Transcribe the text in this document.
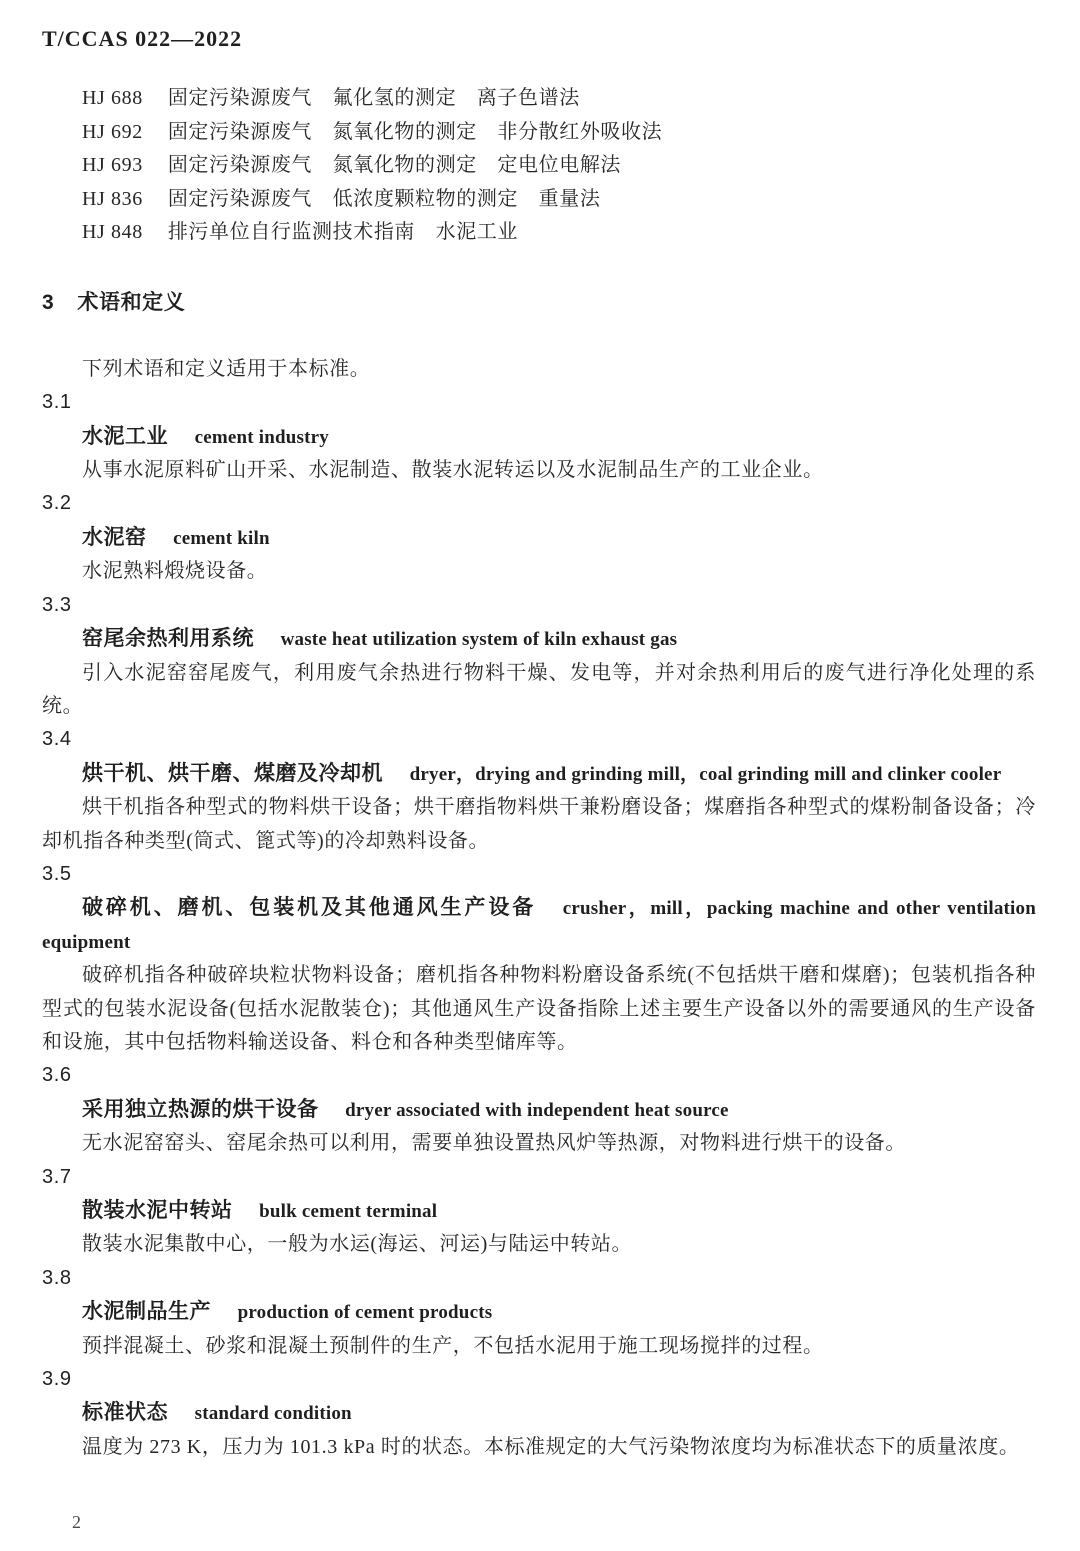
T/CCAS 022—2022
HJ 688 固定污染源废气　氟化氢的测定　离子色谱法
HJ 692 固定污染源废气　氮氧化物的测定　非分散红外吸收法
HJ 693 固定污染源废气　氮氧化物的测定　定电位电解法
HJ 836 固定污染源废气　低浓度颗粒物的测定　重量法
HJ 848 排污单位自行监测技术指南　水泥工业
3 术语和定义

下列术语和定义适用于本标准。

3.1
水泥工业 cement industry

从事水泥原料矿山开采、水泥制造、散装水泥转运以及水泥制品生产的工业企业。

3.2
水泥窑 cement kiln

水泥熟料煅烧设备。

3.3
窑尾余热利用系统 waste heat utilization system of kiln exhaust gas

引入水泥窑窑尾废气，利用废气余热进行物料干燥、发电等，并对余热利用后的废气进行净化处理的系统。

3.4
烘干机、烘干磨、煤磨及冷却机 dryer，drying and grinding mill，coal grinding mill and clinker cooler

烘干机指各种型式的物料烘干设备；烘干磨指物料烘干兼粉磨设备；煤磨指各种型式的煤粉制备设备；冷却机指各种类型(筒式、篦式等)的冷却熟料设备。

3.5
破碎机、磨机、包装机及其他通风生产设备 crusher，mill，packing machine and other ventilation equipment

破碎机指各种破碎块粒状物料设备；磨机指各种物料粉磨设备系统(不包括烘干磨和煤磨)；包装机指各种型式的包装水泥设备(包括水泥散装仓)；其他通风生产设备指除上述主要生产设备以外的需要通风的生产设备和设施，其中包括物料输送设备、料仓和各种类型储库等。

3.6
采用独立热源的烘干设备 dryer associated with independent heat source

无水泥窑窑头、窑尾余热可以利用，需要单独设置热风炉等热源，对物料进行烘干的设备。

3.7
散装水泥中转站 bulk cement terminal

散装水泥集散中心，一般为水运(海运、河运)与陆运中转站。

3.8
水泥制品生产 production of cement products

预拌混凝土、砂浆和混凝土预制件的生产，不包括水泥用于施工现场搅拌的过程。

3.9
标准状态 standard condition

温度为 273 K，压力为 101.3 kPa 时的状态。本标准规定的大气污染物浓度均为标准状态下的质量浓度。

2
